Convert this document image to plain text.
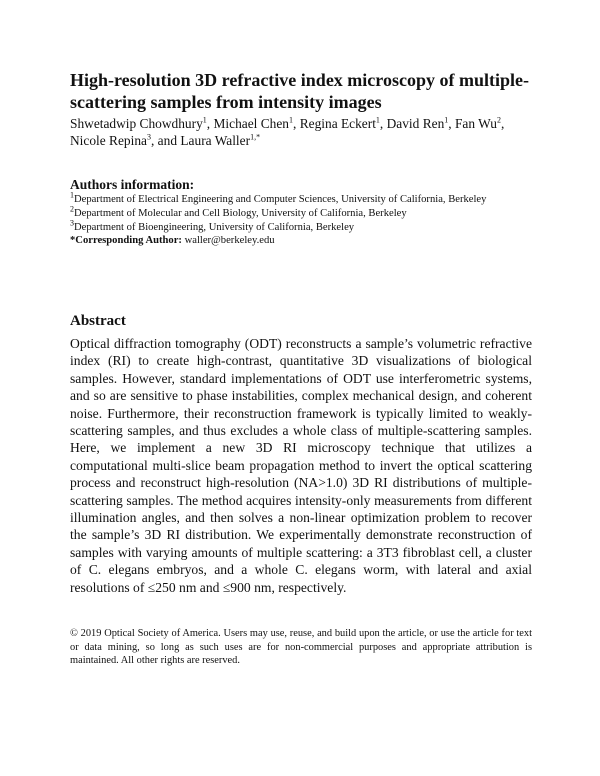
High-resolution 3D refractive index microscopy of multiple-scattering samples from intensity images

Shwetadwip Chowdhury$^1$, Michael Chen$^1$, Regina Eckert$^1$, David Ren$^1$, Fan Wu$^2$,
Nicole Repina$^3$, and Laura Waller$^{1,*}$

Authors information:

$^1$Department of Electrical Engineering and Computer Sciences, University of California, Berkeley

$^2$Department of Molecular and Cell Biology, University of California, Berkeley

$^3$Department of Bioengineering, University of California, Berkeley

*Corresponding Author: waller@berkeley.edu

Abstract

Optical diffraction tomography (ODT) reconstructs a sample’s volumetric refractive index (RI) to create high-contrast, quantitative 3D visualizations of biological samples. However, standard implementations of ODT use interferometric systems, and so are sensitive to phase instabilities, complex mechanical design, and coherent noise. Furthermore, their reconstruction framework is typically limited to weakly-scattering samples, and thus excludes a whole class of multiple-scattering samples. Here, we implement a new 3D RI microscopy technique that utilizes a computational multi-slice beam propagation method to invert the optical scattering process and reconstruct high-resolution (NA>1.0) 3D RI distributions of multiple-scattering samples. The method acquires intensity-only measurements from different illumination angles, and then solves a non-linear optimization problem to recover the sample’s 3D RI distribution. We experimentally demonstrate reconstruction of samples with varying amounts of multiple scattering: a 3T3 fibroblast cell, a cluster of C. elegans embryos, and a whole C. elegans worm, with lateral and axial resolutions of ≤250 nm and ≤900 nm, respectively.

© 2019 Optical Society of America. Users may use, reuse, and build upon the article, or use the article for text or data mining, so long as such uses are for non-commercial purposes and appropriate attribution is maintained. All other rights are reserved.
